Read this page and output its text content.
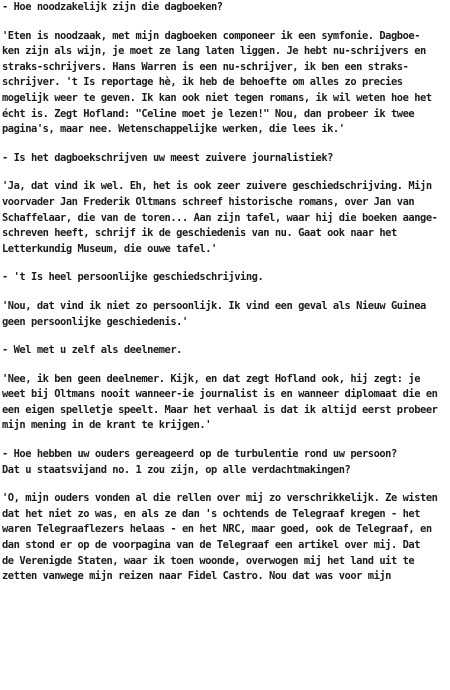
- Hoe noodzakelijk zijn die dagboeken?
'Eten is noodzaak, met mijn dagboeken componeer ik een symfonie. Dagboe-
ken zijn als wijn, je moet ze lang laten liggen. Je hebt nu-schrijvers en
straks-schrijvers. Hans Warren is een nu-schrijver, ik ben een straks-
schrijver. 't Is reportage hè, ik heb de behoefte om alles zo precies
mogelijk weer te geven. Ik kan ook niet tegen romans, ik wil weten hoe het
écht is. Zegt Hofland: "Celine moet je lezen!" Nou, dan probeer ik twee
pagina's, maar nee. Wetenschappelijke werken, die lees ik.'
- Is het dagboekschrijven uw meest zuivere journalistiek?
'Ja, dat vind ik wel. Eh, het is ook zeer zuivere geschiedschrijving. Mijn
voorvader Jan Frederik Oltmans schreef historische romans, over Jan van
Schaffelaar, die van de toren... Aan zijn tafel, waar hij die boeken aange-
schreven heeft, schrijf ik de geschiedenis van nu. Gaat ook naar het
Letterkundig Museum, die ouwe tafel.'
- 't Is heel persoonlijke geschiedschrijving.
'Nou, dat vind ik niet zo persoonlijk. Ik vind een geval als Nieuw Guinea
geen persoonlijke geschiedenis.'
- Wel met u zelf als deelnemer.
'Nee, ik ben geen deelnemer. Kijk, en dat zegt Hofland ook, hij zegt: je
weet bij Oltmans nooit wanneer-ie journalist is en wanneer diplomaat die en
een eigen spelletje speelt. Maar het verhaal is dat ik altijd eerst probeer
mijn mening in de krant te krijgen.'
- Hoe hebben uw ouders gereageerd op de turbulentie rond uw persoon?
Dat u staatsvijand no. 1 zou zijn, op alle verdachtmakingen?
'O, mijn ouders vonden al die rellen over mij zo verschrikkelijk. Ze wisten
dat het niet zo was, en als ze dan 's ochtends de Telegraaf kregen - het
waren Telegraaflezers helaas - en het NRC, maar goed, ook de Telegraaf, en
dan stond er op de voorpagina van de Telegraaf een artikel over mij. Dat
de Verenigde Staten, waar ik toen woonde, overwogen mij het land uit te
zetten vanwege mijn reizen naar Fidel Castro. Nou dat was voor mijn
